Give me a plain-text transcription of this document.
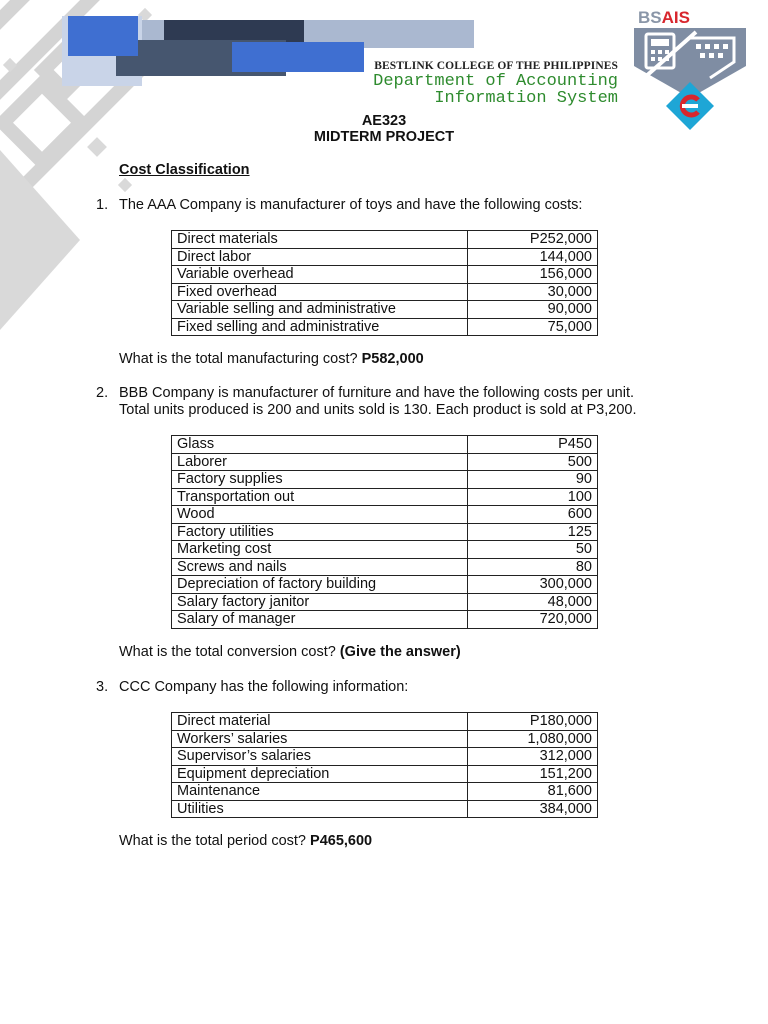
BESTLINK COLLEGE OF THE PHILIPPINES
Department of Accounting
Information System
BSAIS
AE323
MIDTERM PROJECT
Cost Classification
1. The AAA Company is manufacturer of toys and have the following costs:
Direct materials	P252,000
Direct labor	144,000
Variable overhead	156,000
Fixed overhead	30,000
Variable selling and administrative	90,000
Fixed selling and administrative	75,000
What is the total manufacturing cost? P582,000
2. BBB Company is manufacturer of furniture and have the following costs per unit.
Total units produced is 200 and units sold is 130. Each product is sold at P3,200.
Glass	P450
Laborer	500
Factory supplies	90
Transportation out	100
Wood	600
Factory utilities	125
Marketing cost	50
Screws and nails	80
Depreciation of factory building	300,000
Salary factory janitor	48,000
Salary of manager	720,000
What is the total conversion cost? (Give the answer)
3. CCC Company has the following information:
Direct material	P180,000
Workers’ salaries	1,080,000
Supervisor’s salaries	312,000
Equipment depreciation	151,200
Maintenance	81,600
Utilities	384,000
What is the total period cost? P465,600
